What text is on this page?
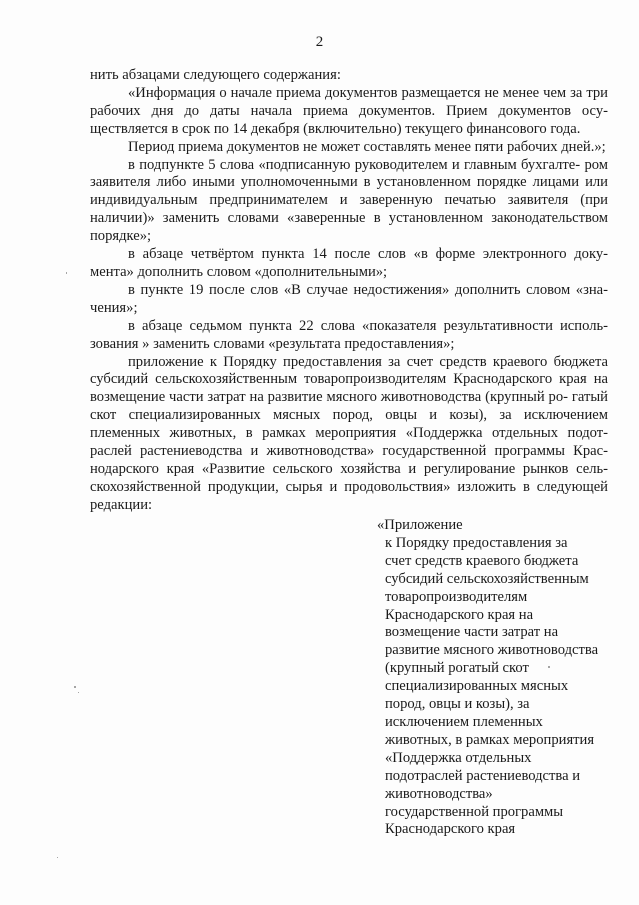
2

нить абзацами следующего содержания:

«Информация о начале приема документов размещается не менее чем за три рабочих дня до даты начала приема документов. Прием документов осу- ществляется в срок по 14 декабря (включительно) текущего финансового года.

Период приема документов не может составлять менее пяти рабочих дней.»;

в подпункте 5 слова «подписанную руководителем и главным бухгалте- ром заявителя либо иными уполномоченными в установленном порядке лицами или индивидуальным предпринимателем и заверенную печатью заявителя (при наличии)» заменить словами «заверенные в установленном законодательством порядке»;

в абзаце четвёртом пункта 14 после слов «в форме электронного доку- мента» дополнить словом «дополнительными»;

в пункте 19 после слов «В случае недостижения» дополнить словом «зна- чения»;

в абзаце седьмом пункта 22 слова «показателя результативности исполь- зования » заменить словами «результата предоставления»;

приложение к Порядку предоставления за счет средств краевого бюджета субсидий сельскохозяйственным товаропроизводителям Краснодарского края на возмещение части затрат на развитие мясного животноводства (крупный ро- гатый скот специализированных мясных пород, овцы и козы), за исключением племенных животных, в рамках мероприятия «Поддержка отдельных подот- раслей растениеводства и животноводства» государственной программы Крас- нодарского края «Развитие сельского хозяйства и регулирование рынков сель- скохозяйственной продукции, сырья и продовольствия» изложить в следующей редакции:

«Приложение
к Порядку предоставления за
счет средств краевого бюджета
субсидий сельскохозяйственным
товаропроизводителям
Краснодарского края на
возмещение части затрат на
развитие мясного животноводства
(крупный рогатый скот
специализированных мясных
пород, овцы и козы), за
исключением племенных
животных, в рамках мероприятия
«Поддержка отдельных
подотраслей растениеводства и
животноводства»
государственной программы
Краснодарского края
